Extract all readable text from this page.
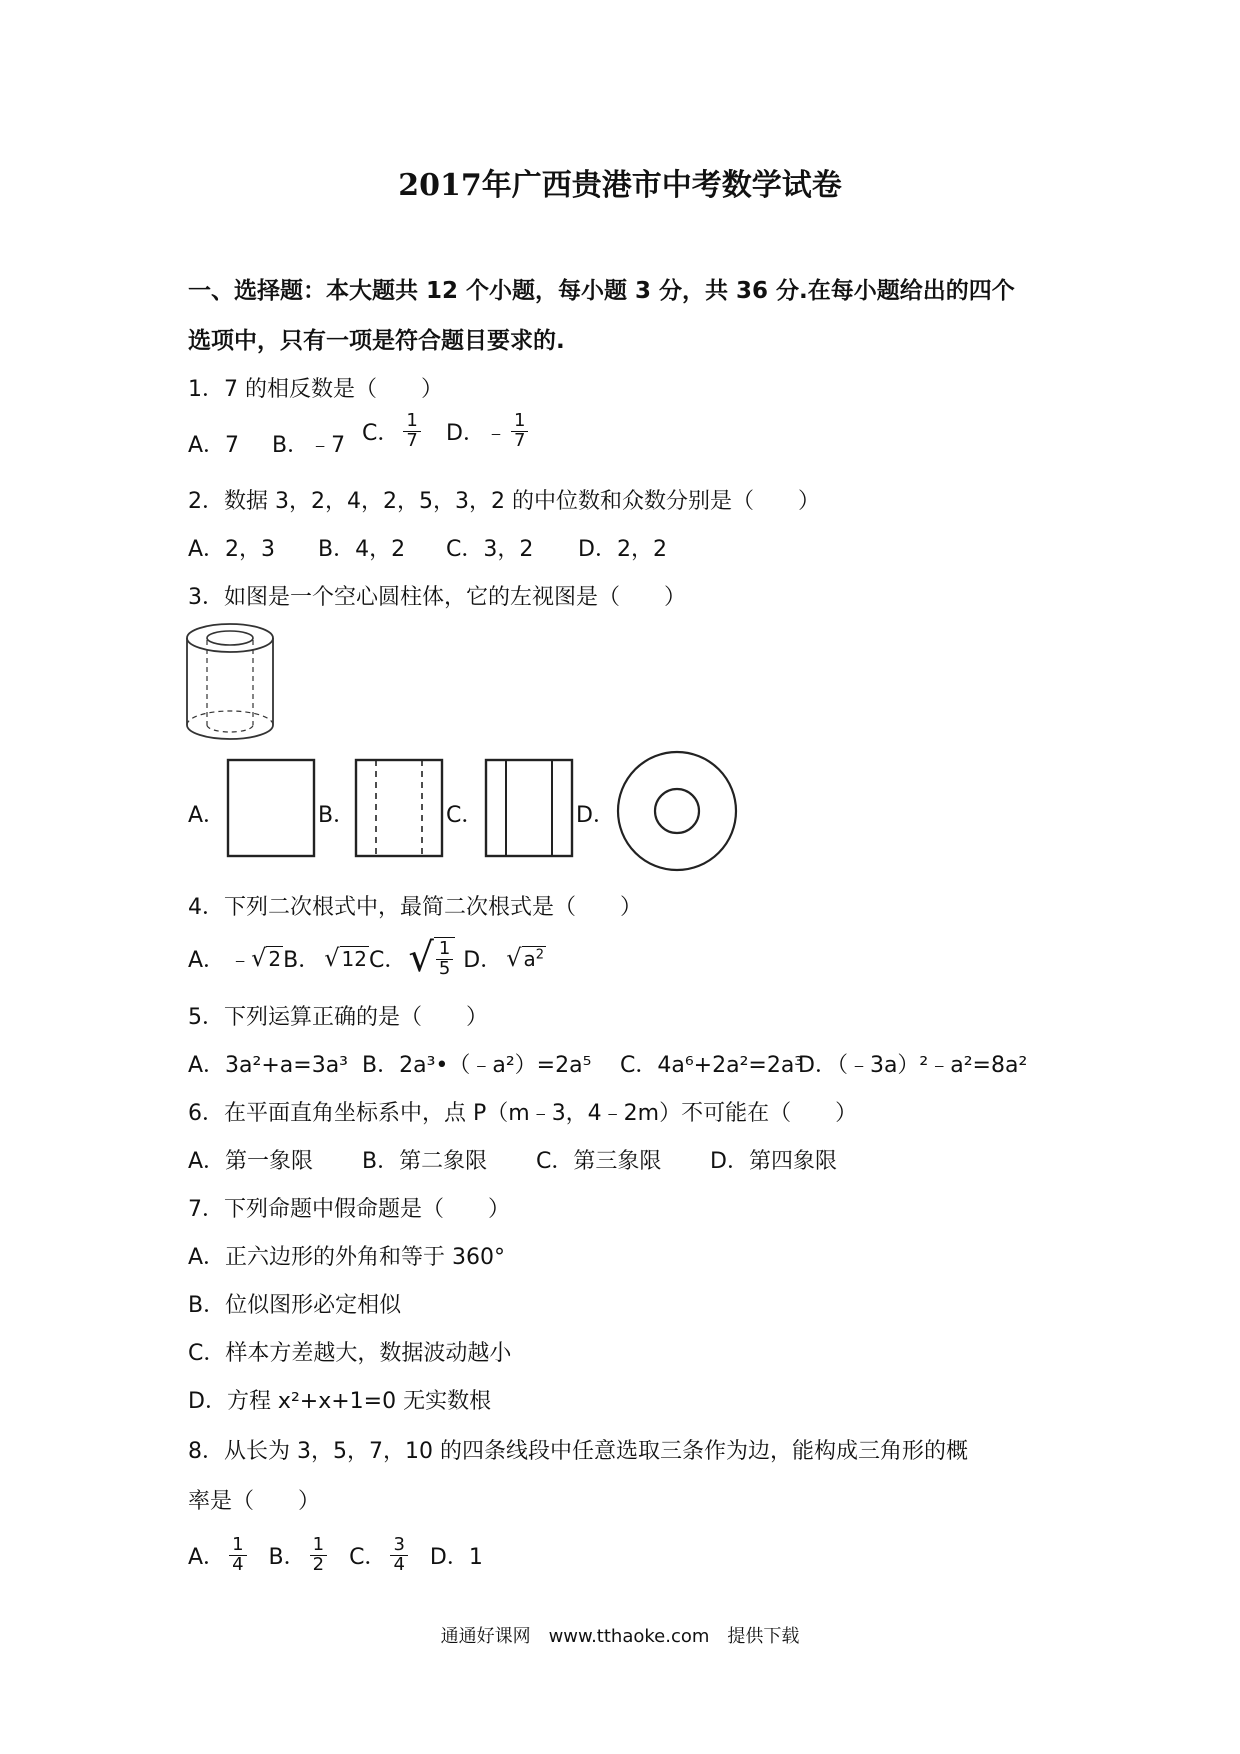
2017年广西贵港市中考数学试卷
一、选择题：本大题共 12 个小题，每小题 3 分，共 36 分.在每小题给出的四个
选项中，只有一项是符合题目要求的.
1．7 的相反数是（　　）
A．7 B．﹣7 C． $\frac{1}{7}$ D． ﹣ $\frac{1}{7}$
2．数据 3，2，4，2，5，3，2 的中位数和众数分别是（　　）
A．2，3 B．4，2 C．3，2 D．2，2
3．如图是一个空心圆柱体，它的左视图是（　　）
A．	B．	C．	D．
4．下列二次根式中，最简二次根式是（　　）
A． ﹣ √ 2 B． √ 12 C． √ $\frac{1}{5}$ D． √ $a^2$
5．下列运算正确的是（　　）
A．3a²+a=3a³ B．2a³•（﹣a²）=2a⁵ C．4a⁶+2a²=2a³
D．（﹣3a）²﹣a²=8a²
6．在平面直角坐标系中，点 P（m﹣3，4﹣2m）不可能在（　　）
A．第一象限 B．第二象限 C．第三象限 D．第四象限
7．下列命题中假命题是（　　）
A．正六边形的外角和等于 360°
B．位似图形必定相似
C．样本方差越大，数据波动越小
D．方程 x²+x+1=0 无实数根
8．从长为 3，5，7，10 的四条线段中任意选取三条作为边，能构成三角形的概
率是（　　）
A． $\frac{1}{4}$ B． $\frac{1}{2}$ C． $\frac{3}{4}$ D．1
通通好课网　www.tthaoke.com　提供下载
